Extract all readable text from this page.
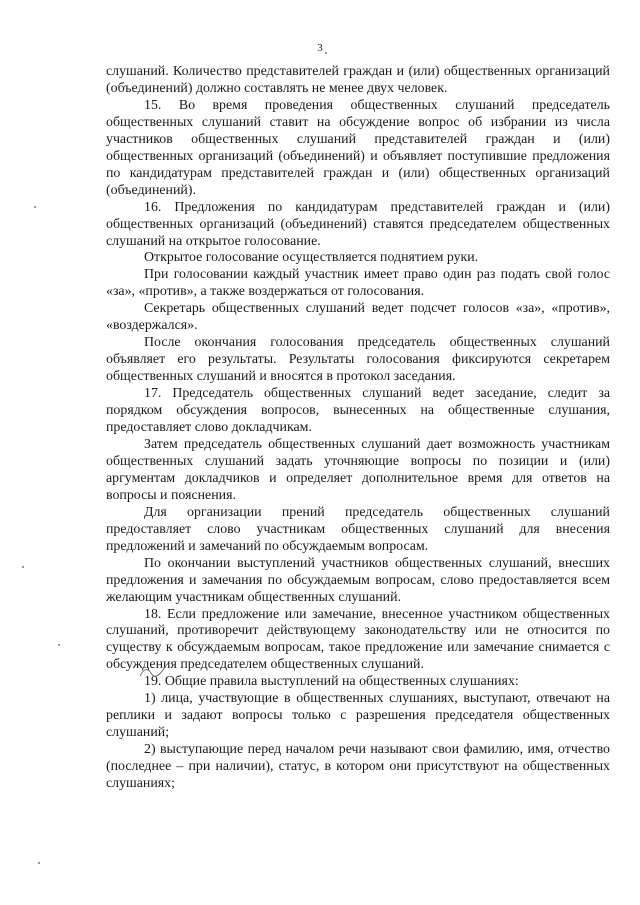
3

слушаний. Количество представителей граждан и (или) общественных организаций (объединений) должно составлять не менее двух человек.

15. Во время проведения общественных слушаний председатель общественных слушаний ставит на обсуждение вопрос об избрании из числа участников общественных слушаний представителей граждан и (или) общественных организаций (объединений) и объявляет поступившие предложения по кандидатурам представителей граждан и (или) общественных организаций (объединений).

16. Предложения по кандидатурам представителей граждан и (или) общественных организаций (объединений) ставятся председателем общественных слушаний на открытое голосование.

Открытое голосование осуществляется поднятием руки.

При голосовании каждый участник имеет право один раз подать свой голос «за», «против», а также воздержаться от голосования.

Секретарь общественных слушаний ведет подсчет голосов «за», «против», «воздержался».

После окончания голосования председатель общественных слушаний объявляет его результаты. Результаты голосования фиксируются секретарем общественных слушаний и вносятся в протокол заседания.

17. Председатель общественных слушаний ведет заседание, следит за порядком обсуждения вопросов, вынесенных на общественные слушания, предоставляет слово докладчикам.

Затем председатель общественных слушаний дает возможность участникам общественных слушаний задать уточняющие вопросы по позиции и (или) аргументам докладчиков и определяет дополнительное время для ответов на вопросы и пояснения.

Для организации прений председатель общественных слушаний предоставляет слово участникам общественных слушаний для внесения предложений и замечаний по обсуждаемым вопросам.

По окончании выступлений участников общественных слушаний, внесших предложения и замечания по обсуждаемым вопросам, слово предоставляется всем желающим участникам общественных слушаний.

18. Если предложение или замечание, внесенное участником общественных слушаний, противоречит действующему законодательству или не относится по существу к обсуждаемым вопросам, такое предложение или замечание снимается с обсуждения председателем общественных слушаний.

19. Общие правила выступлений на общественных слушаниях:

1) лица, участвующие в общественных слушаниях, выступают, отвечают на реплики и задают вопросы только с разрешения председателя общественных слушаний;

2) выступающие перед началом речи называют свои фамилию, имя, отчество (последнее – при наличии), статус, в котором они присутствуют на общественных слушаниях;
